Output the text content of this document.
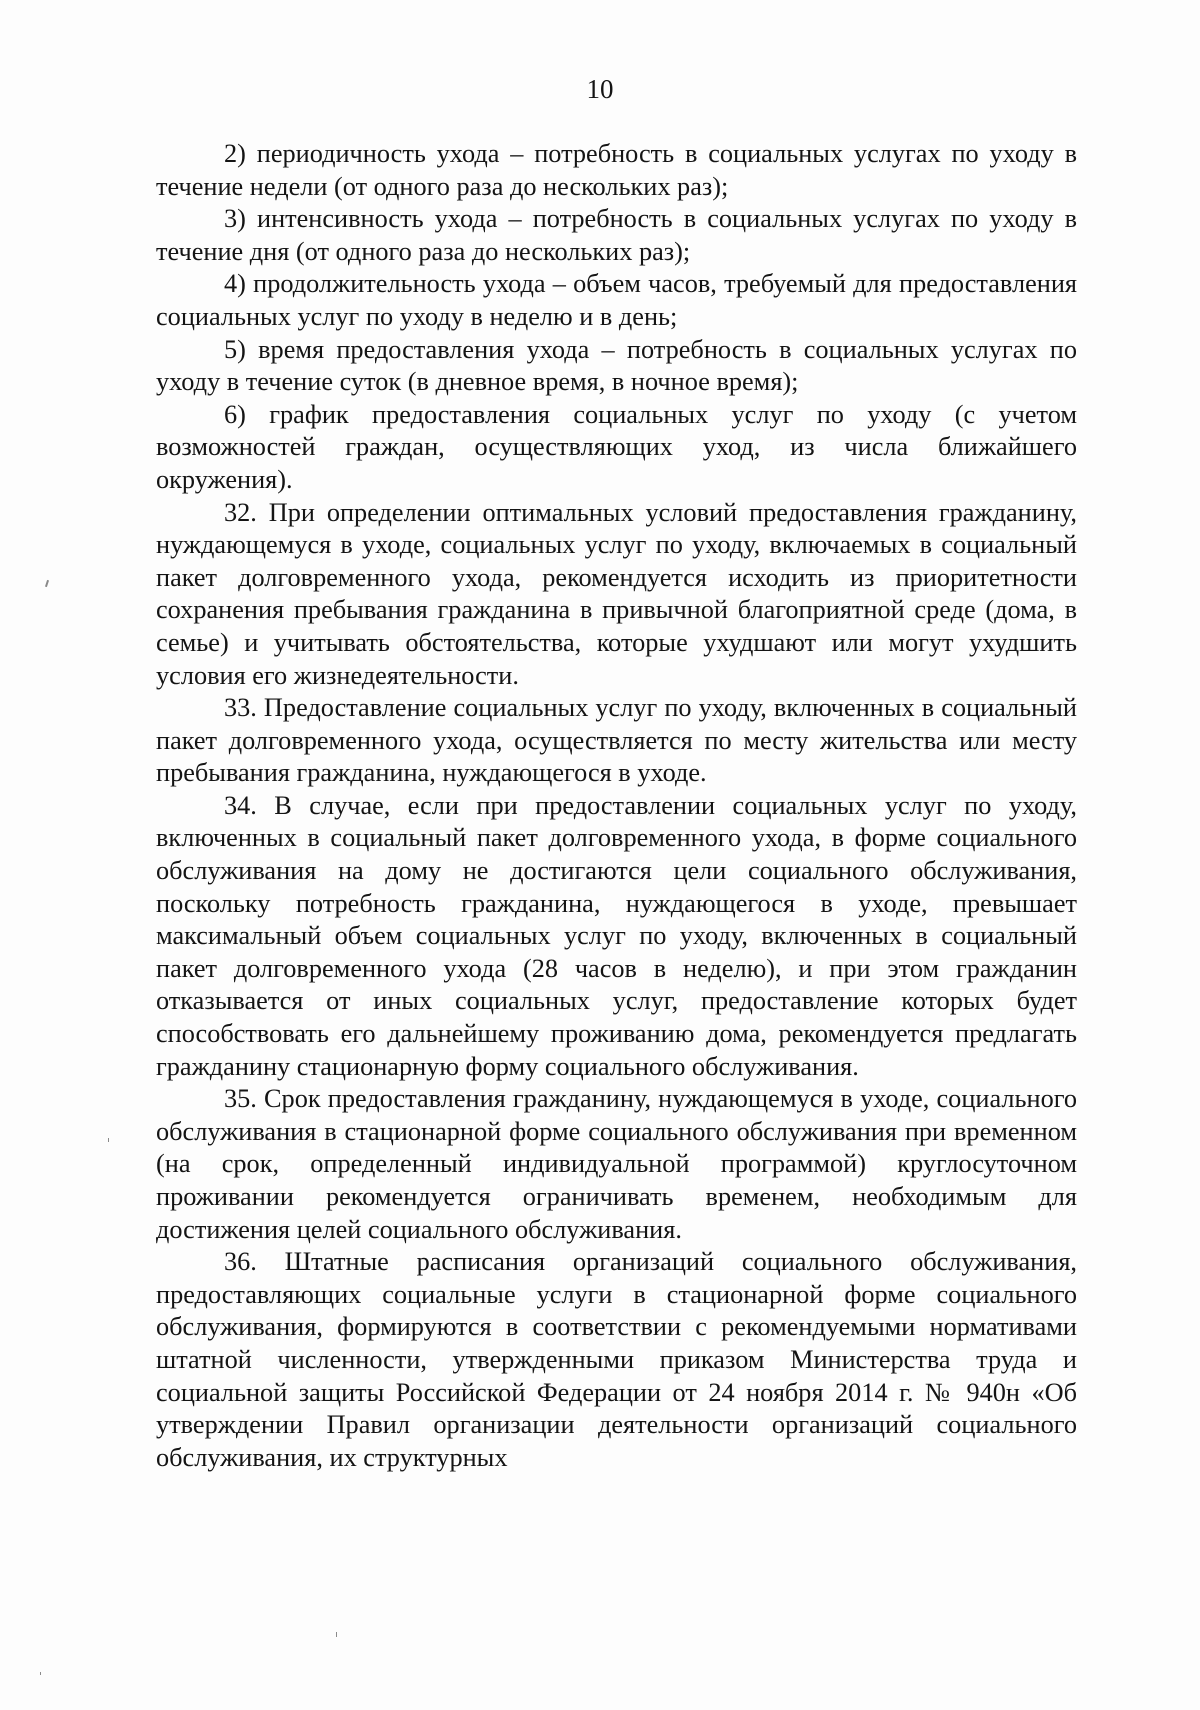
10

2) периодичность ухода – потребность в социальных услугах по уходу в течение недели (от одного раза до нескольких раз);

3) интенсивность ухода – потребность в социальных услугах по уходу в течение дня (от одного раза до нескольких раз);

4) продолжительность ухода – объем часов, требуемый для предоставления социальных услуг по уходу в неделю и в день;

5) время предоставления ухода – потребность в социальных услугах по уходу в течение суток (в дневное время, в ночное время);

6) график предоставления социальных услуг по уходу (с учетом возможностей граждан, осуществляющих уход, из числа ближайшего окружения).

32. При определении оптимальных условий предоставления гражданину, нуждающемуся в уходе, социальных услуг по уходу, включаемых в социальный пакет долговременного ухода, рекомендуется исходить из приоритетности сохранения пребывания гражданина в привычной благоприятной среде (дома, в семье) и учитывать обстоятельства, которые ухудшают или могут ухудшить условия его жизнедеятельности.

33. Предоставление социальных услуг по уходу, включенных в социальный пакет долговременного ухода, осуществляется по месту жительства или месту пребывания гражданина, нуждающегося в уходе.

34. В случае, если при предоставлении социальных услуг по уходу, включенных в социальный пакет долговременного ухода, в форме социального обслуживания на дому не достигаются цели социального обслуживания, поскольку потребность гражданина, нуждающегося в уходе, превышает максимальный объем социальных услуг по уходу, включенных в социальный пакет долговременного ухода (28 часов в неделю), и при этом гражданин отказывается от иных социальных услуг, предоставление которых будет способствовать его дальнейшему проживанию дома, рекомендуется предлагать гражданину стационарную форму социального обслуживания.

35. Срок предоставления гражданину, нуждающемуся в уходе, социального обслуживания в стационарной форме социального обслуживания при временном (на срок, определенный индивидуальной программой) круглосуточном проживании рекомендуется ограничивать временем, необходимым для достижения целей социального обслуживания.

36. Штатные расписания организаций социального обслуживания, предоставляющих социальные услуги в стационарной форме социального обслуживания, формируются в соответствии с рекомендуемыми нормативами штатной численности, утвержденными приказом Министерства труда и социальной защиты Российской Федерации от 24 ноября 2014 г. № 940н «Об утверждении Правил организации деятельности организаций социального обслуживания, их структурных
